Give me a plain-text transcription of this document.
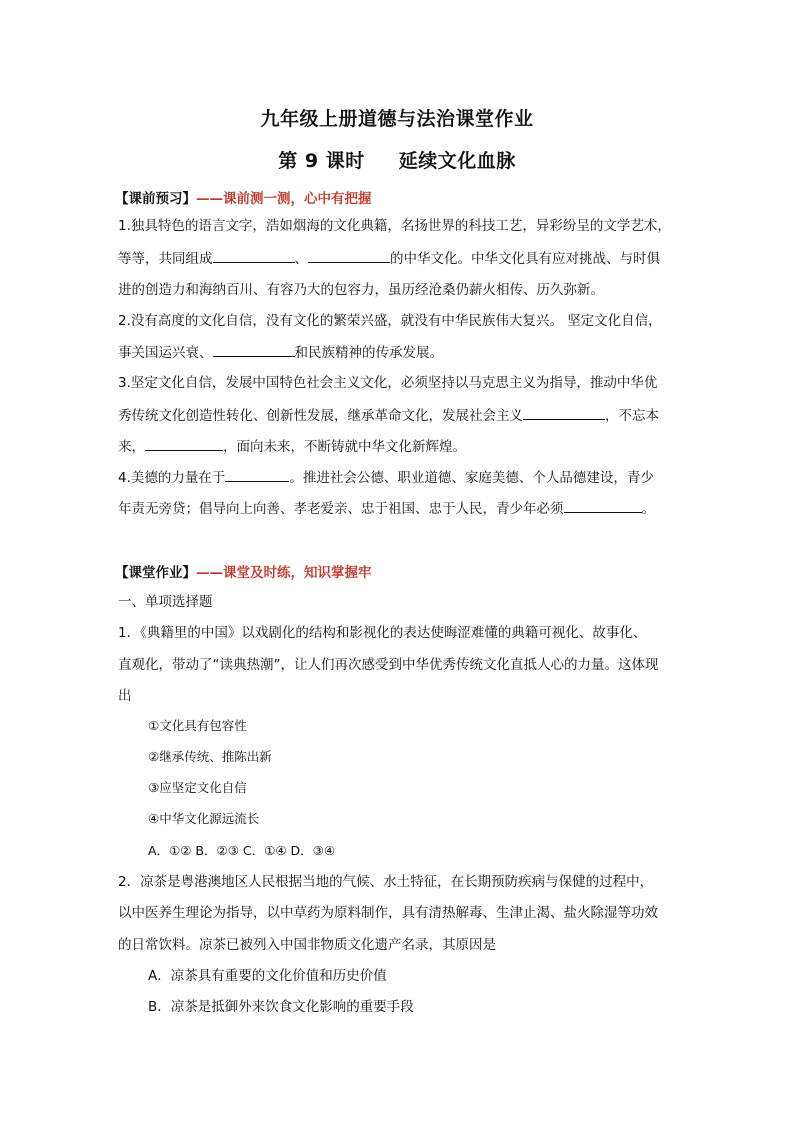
九年级上册道德与法治课堂作业
第 9 课时 延续文化血脉
【课前预习】——课前测一测，心中有把握
1.独具特色的语言文字，浩如烟海的文化典籍，名扬世界的科技工艺，异彩纷呈的文学艺术，
等等，共同组成	、	的中华文化。中华文化具有应对挑战、与时俱
进的创造力和海纳百川、有容乃大的包容力，虽历经沧桑仍薪火相传、历久弥新。
2.没有高度的文化自信，没有文化的繁荣兴盛，就没有中华民族伟大复兴。 坚定文化自信，
事关国运兴衰、	和民族精神的传承发展。
3.坚定文化自信，发展中国特色社会主义文化，必须坚持以马克思主义为指导，推动中华优
秀传统文化创造性转化、创新性发展，继承革命文化，发展社会主义	，不忘本
来，	，面向未来，不断铸就中华文化新辉煌。
4.美德的力量在于	。推进社会公德、职业道德、家庭美德、个人品德建设，青少
年责无旁贷；倡导向上向善、孝老爱亲、忠于祖国、忠于人民，青少年必须	。
【课堂作业】——课堂及时练，知识掌握牢
一、单项选择题
1．《典籍里的中国》以戏剧化的结构和影视化的表达使晦涩难懂的典籍可视化、故事化、
直观化，带动了“读典热潮”，让人们再次感受到中华优秀传统文化直抵人心的力量。这体现
出
①文化具有包容性
②继承传统、推陈出新
③应坚定文化自信
④中华文化源远流长
A．①② B．②③ C．①④ D．③④
2．凉茶是粤港澳地区人民根据当地的气候、水土特征，在长期预防疾病与保健的过程中，
以中医养生理论为指导，以中草药为原料制作，具有清热解毒、生津止渴、盐火除湿等功效
的日常饮料。凉茶已被列入中国非物质文化遗产名录，其原因是
A．凉茶具有重要的文化价值和历史价值
B．凉茶是抵御外来饮食文化影响的重要手段
